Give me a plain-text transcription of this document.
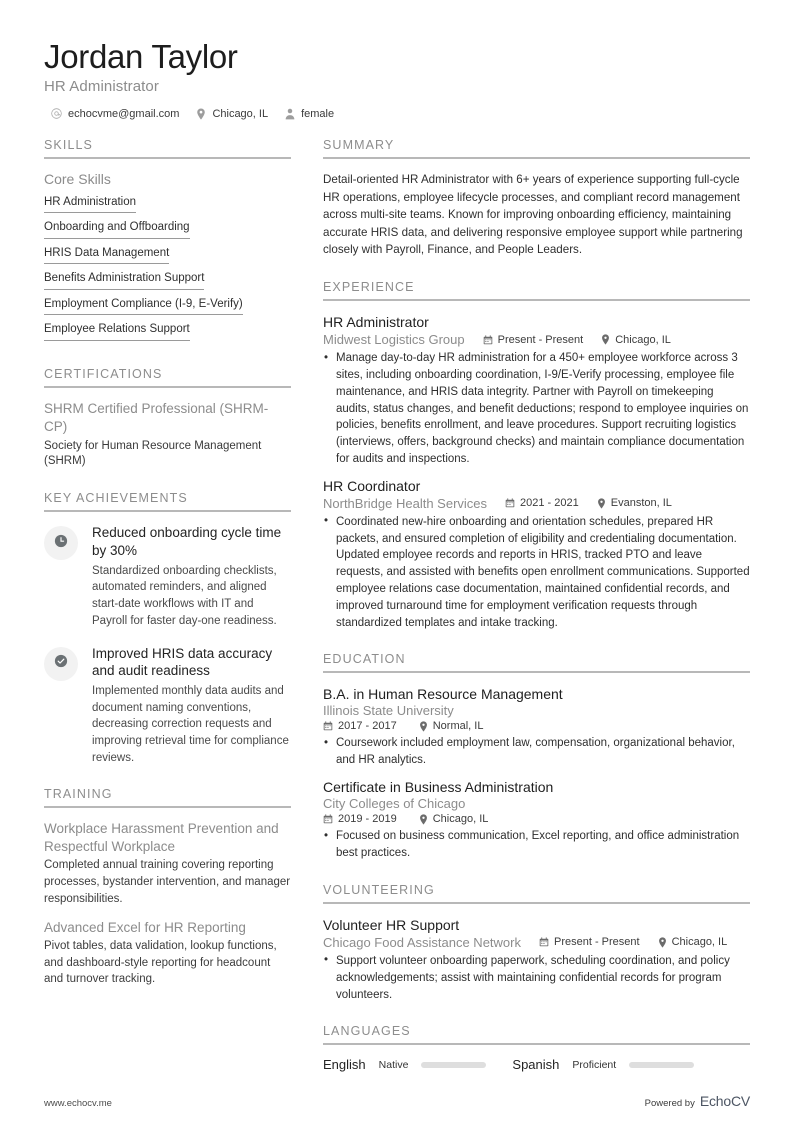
Jordan Taylor
HR Administrator
echocvme@gmail.com	Chicago, IL	female
SKILLS
Core Skills
HR Administration
Onboarding and Offboarding
HRIS Data Management
Benefits Administration Support
Employment Compliance (I-9, E-Verify)
Employee Relations Support
CERTIFICATIONS
SHRM Certified Professional (SHRM-CP)
Society for Human Resource Management (SHRM)
KEY ACHIEVEMENTS
Reduced onboarding cycle time by 30%
Standardized onboarding checklists, automated reminders, and aligned start-date workflows with IT and Payroll for faster day-one readiness.
Improved HRIS data accuracy and audit readiness
Implemented monthly data audits and document naming conventions, decreasing correction requests and improving retrieval time for compliance reviews.
TRAINING
Workplace Harassment Prevention and Respectful Workplace
Completed annual training covering reporting processes, bystander intervention, and manager responsibilities.
Advanced Excel for HR Reporting
Pivot tables, data validation, lookup functions, and dashboard-style reporting for headcount and turnover tracking.
SUMMARY
Detail-oriented HR Administrator with 6+ years of experience supporting full-cycle HR operations, employee lifecycle processes, and compliant record management across multi-site teams. Known for improving onboarding efficiency, maintaining accurate HRIS data, and delivering responsive employee support while partnering closely with Payroll, Finance, and People Leaders.
EXPERIENCE
HR Administrator
Midwest Logistics Group	Present - Present	Chicago, IL
• Manage day-to-day HR administration for a 450+ employee workforce across 3 sites, including onboarding coordination, I-9/E-Verify processing, employee file maintenance, and HRIS data integrity. Partner with Payroll on timekeeping audits, status changes, and benefit deductions; respond to employee inquiries on policies, benefits enrollment, and leave procedures. Support recruiting logistics (interviews, offers, background checks) and maintain compliance documentation for audits and inspections.
HR Coordinator
NorthBridge Health Services	2021 - 2021	Evanston, IL
• Coordinated new-hire onboarding and orientation schedules, prepared HR packets, and ensured completion of eligibility and credentialing documentation. Updated employee records and reports in HRIS, tracked PTO and leave requests, and assisted with benefits open enrollment communications. Supported employee relations case documentation, maintained confidential records, and improved turnaround time for employment verification requests through standardized templates and intake tracking.
EDUCATION
B.A. in Human Resource Management
Illinois State University
2017 - 2017	Normal, IL
• Coursework included employment law, compensation, organizational behavior, and HR analytics.
Certificate in Business Administration
City Colleges of Chicago
2019 - 2019	Chicago, IL
• Focused on business communication, Excel reporting, and office administration best practices.
VOLUNTEERING
Volunteer HR Support
Chicago Food Assistance Network	Present - Present	Chicago, IL
• Support volunteer onboarding paperwork, scheduling coordination, and policy acknowledgements; assist with maintaining confidential records for program volunteers.
LANGUAGES
English Native	Spanish Proficient
www.echocv.me	Powered by EchoCV
